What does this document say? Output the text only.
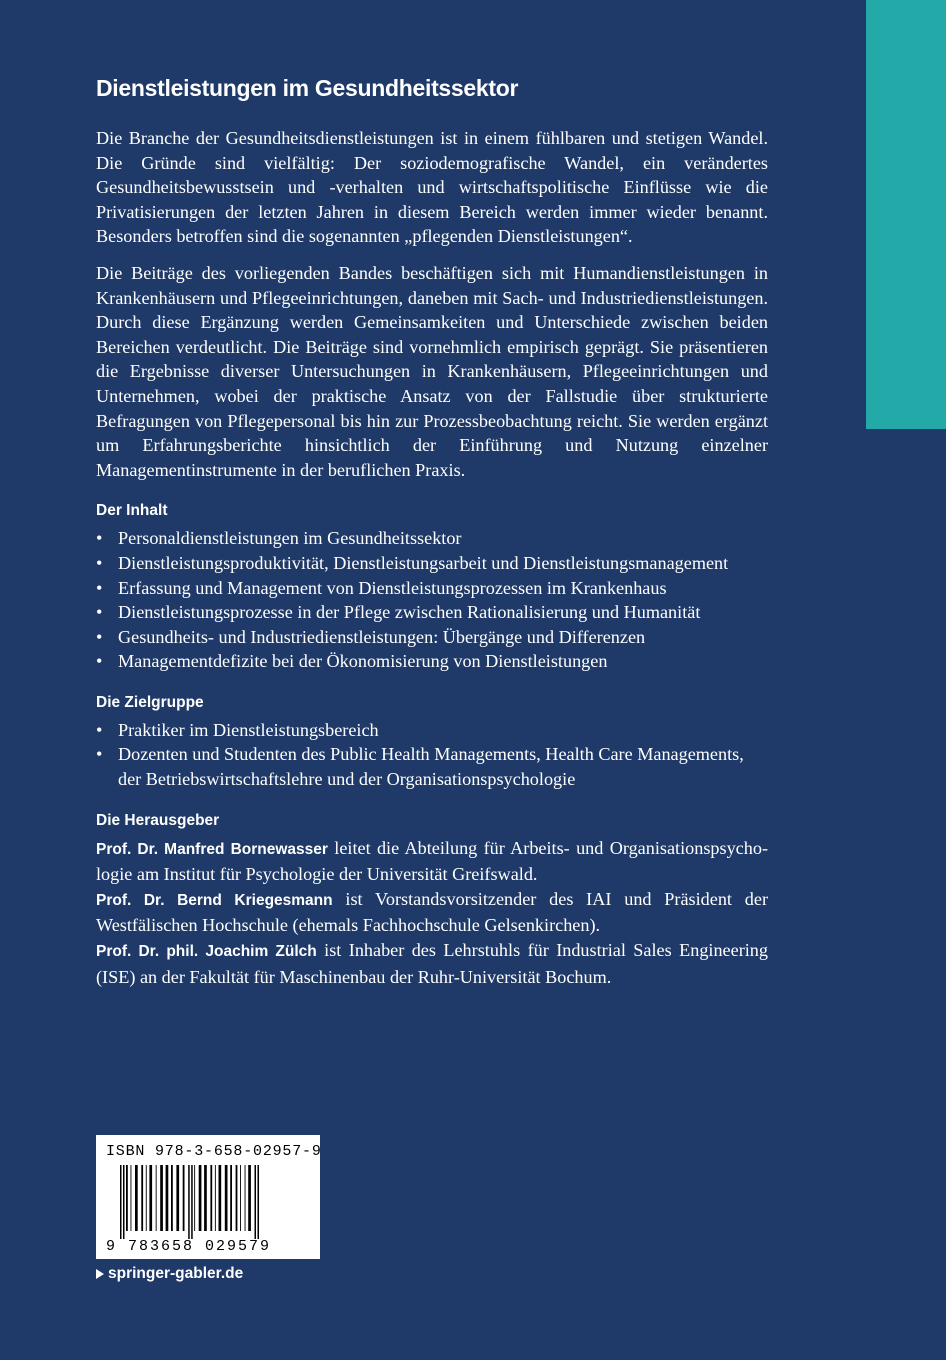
Dienstleistungen im Gesundheitssektor

Die Branche der Gesundheitsdienstleistungen ist in einem fühlbaren und stetigen Wandel. Die Gründe sind vielfältig: Der soziodemografische Wandel, ein verändertes Gesundheitsbewusstsein und -verhalten und wirtschaftspolitische Einflüsse wie die Privatisierungen der letzten Jahren in diesem Bereich werden immer wieder benannt. Besonders betroffen sind die sogenannten „pflegenden Dienstleistungen“.

Die Beiträge des vorliegenden Bandes beschäftigen sich mit Humandienstleistungen in Krankenhäusern und Pflegeeinrichtungen, daneben mit Sach- und Industriedienstleistungen. Durch diese Ergänzung werden Gemeinsamkeiten und Unterschiede zwischen beiden Bereichen verdeutlicht. Die Beiträge sind vornehmlich empirisch geprägt. Sie präsentieren die Ergebnisse diverser Untersuchungen in Krankenhäusern, Pflegeeinrichtungen und Unternehmen, wobei der praktische Ansatz von der Fallstudie über strukturierte Befragungen von Pflegepersonal bis hin zur Prozessbeobachtung reicht. Sie werden ergänzt um Erfahrungsberichte hinsichtlich der Einführung und Nutzung einzelner Managementinstrumente in der beruflichen Praxis.

Der Inhalt
• Personaldienstleistungen im Gesundheitssektor
• Dienstleistungsproduktivität, Dienstleistungsarbeit und Dienstleistungsmanagement
• Erfassung und Management von Dienstleistungsprozessen im Krankenhaus
• Dienstleistungsprozesse in der Pflege zwischen Rationalisierung und Humanität
• Gesundheits- und Industriedienstleistungen: Übergänge und Differenzen
• Managementdefizite bei der Ökonomisierung von Dienstleistungen
Die Zielgruppe
• Praktiker im Dienstleistungsbereich
• Dozenten und Studenten des Public Health Managements, Health Care Managements, der Betriebswirtschaftslehre und der Organisationspsychologie
Die Herausgeber

Prof. Dr. Manfred Bornewasser leitet die Abteilung für Arbeits- und Organisationspsychologie am Institut für Psychologie der Universität Greifswald.

Prof. Dr. Bernd Kriegesmann ist Vorstandsvorsitzender des IAI und Präsident der Westfälischen Hochschule (ehemals Fachhochschule Gelsenkirchen).

Prof. Dr. phil. Joachim Zülch ist Inhaber des Lehrstuhls für Industrial Sales Engineering (ISE) an der Fakultät für Maschinenbau der Ruhr-Universität Bochum.

ISBN 978-3-658-02957-9
9 783658 029579
springer-gabler.de
